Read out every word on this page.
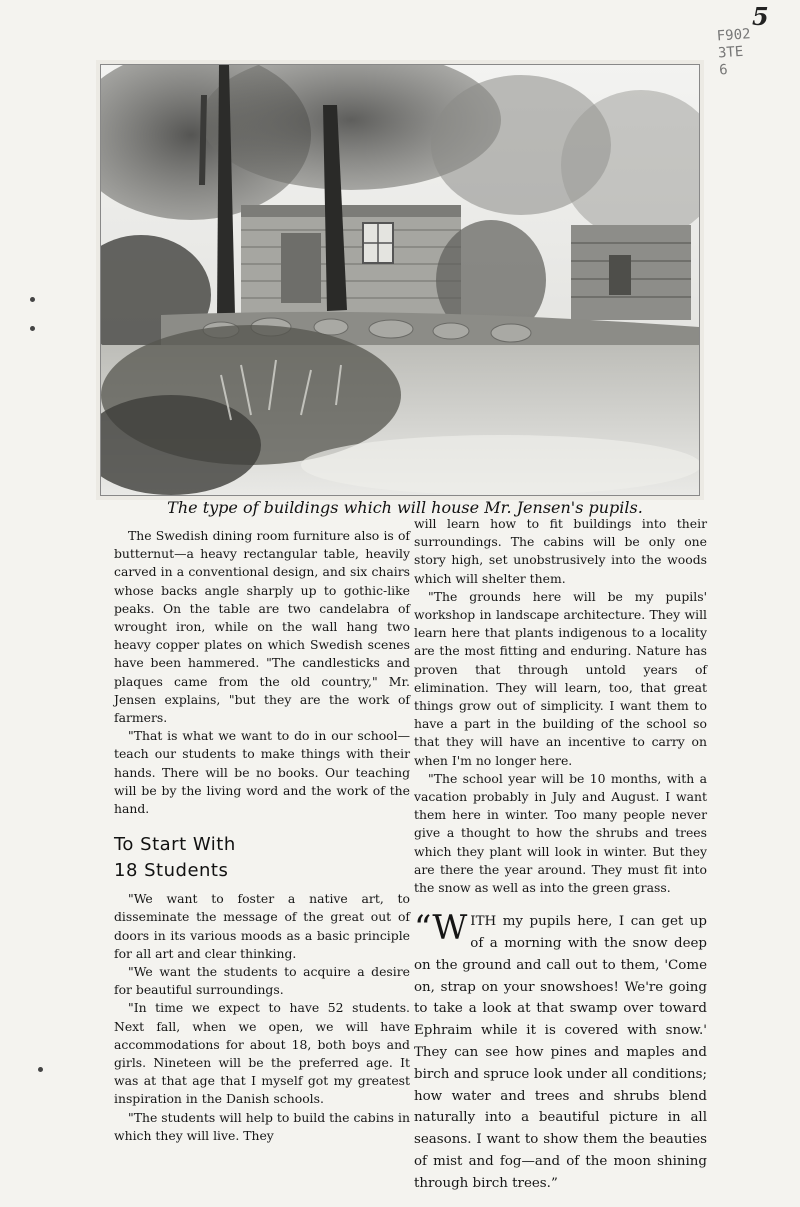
5
F902
3TE
6
The type of buildings which will house Mr. Jensen's pupils.

The Swedish dining room furniture also is of butternut—a heavy rectangular table, heavily carved in a conventional design, and six chairs whose backs angle sharply up to gothic-like peaks. On the table are two candelabra of wrought iron, while on the wall hang two heavy copper plates on which Swedish scenes have been hammered. "The candlesticks and plaques came from the old country," Mr. Jensen explains, "but they are the work of farmers.

"That is what we want to do in our school—teach our students to make things with their hands. There will be no books. Our teaching will be by the living word and the work of the hand.

To Start With
18 Students

"We want to foster a native art, to disseminate the message of the great out of doors in its various moods as a basic principle for all art and clear thinking.

"We want the students to acquire a desire for beautiful surroundings.

"In time we expect to have 52 students. Next fall, when we open, we will have accommodations for about 18, both boys and girls. Nineteen will be the preferred age. It was at that age that I myself got my greatest inspiration in the Danish schools.

"The students will help to build the cabins in which they will live. They

will learn how to fit buildings into their surroundings. The cabins will be only one story high, set unobstrusively into the woods which will shelter them.

"The grounds here will be my pupils' workshop in landscape architecture. They will learn here that plants indigenous to a locality are the most fitting and enduring. Nature has proven that through untold years of elimination. They will learn, too, that great things grow out of simplicity. I want them to have a part in the building of the school so that they will have an incentive to carry on when I'm no longer here.

"The school year will be 10 months, with a vacation probably in July and August. I want them here in winter. Too many people never give a thought to how the shrubs and trees which they plant will look in winter. But they are there the year around. They must fit into the snow as well as into the green grass.

“W ITH my pupils here, I can get up of a morning with the snow deep on the ground and call out to them, 'Come on, strap on your snowshoes! We're going to take a look at that swamp over toward Ephraim while it is covered with snow.' They can see how pines and maples and birch and spruce look under all conditions; how water and trees and shrubs blend naturally into a beautiful picture in all seasons. I want to show them the beauties of mist and fog—and of the moon shining through birch trees.”
